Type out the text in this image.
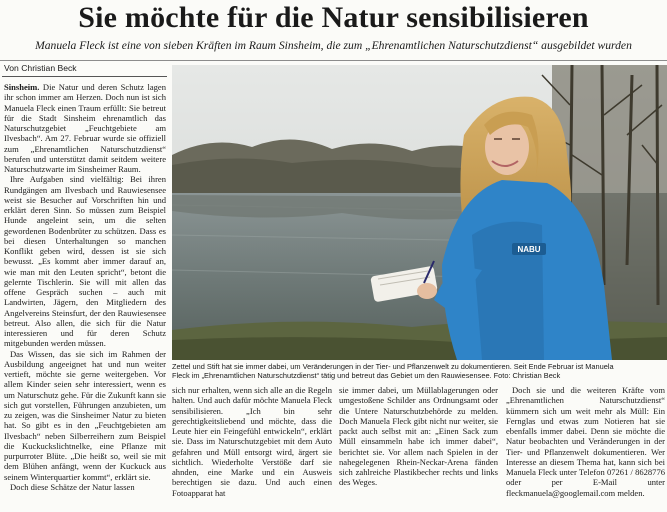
Sie möchte für die Natur sensibilisieren
Manuela Fleck ist eine von sieben Kräften im Raum Sinsheim, die zum „Ehrenamtlichen Naturschutzdienst“ ausgebildet wurden
Von Christian Beck

Sinsheim. Die Natur und deren Schutz lagen ihr schon immer am Herzen. Doch nun ist sich Manuela Fleck einen Traum erfüllt: Sie betreut für die Stadt Sinsheim ehrenamtlich das Naturschutzgebiet „Feuchtgebiete am Ilvesbach“. Am 27. Februar wurde sie offiziell zum „Ehrenamtlichen Naturschutzdienst“ berufen und unterstützt damit seitdem weitere Naturschutzwarte im Sinsheimer Raum.

Ihre Aufgaben sind vielfältig: Bei ihren Rundgängen am Ilvesbach und Rauwiesensee weist sie Besucher auf Vorschriften hin und erklärt deren Sinn. So müssen zum Beispiel Hunde angeleint sein, um die selten gewordenen Bodenbrüter zu schützen. Dass es bei diesen Unterhaltungen so manchen Konflikt geben wird, dessen ist sie sich bewusst. „Es kommt aber immer darauf an, wie man mit den Leuten spricht“, betont die gelernte Tischlerin. Sie will mit allen das offene Gespräch suchen – auch mit Landwirten, Jägern, den Mitgliedern des Angelvereins Steinsfurt, der den Rauwiesensee betreut. Also allen, die sich für die Natur interessieren und für deren Schutz mitgebunden werden müssen.

Das Wissen, das sie sich im Rahmen der Ausbildung angeeignet hat und nun weiter vertieft, möchte sie gerne weitergeben. Vor allem Kinder seien sehr interessiert, wenn es um Naturschutz gehe. Für die Zukunft kann sie sich gut vorstellen, Führungen anzubieten, um zu zeigen, was die Sinsheimer Natur zu bieten hat. So gibt es in den „Feuchtgebieten am Ilvesbach“ neben Silberreihern zum Beispiel die Kuckuckslichtnelke, eine Pflanze mit purpurroter Blüte. „Die heißt so, weil sie mit dem Blühen anfängt, wenn der Kuckuck aus seinem Winterquartier kommt“, erklärt sie.

Doch diese Schätze der Natur lassen

NABU
Zettel und Stift hat sie immer dabei, um Veränderungen in der Tier- und Pflanzenwelt zu dokumentieren. Seit Ende Februar ist Manuela
Fleck im „Ehrenamtlichen Naturschutzdienst“ tätig und betreut das Gebiet um den Rauwiesensee. Foto: Christian Beck

sich nur erhalten, wenn sich alle an die Regeln halten. Und auch dafür möchte Manuela Fleck sensibilisieren. „Ich bin sehr gerechtigkeitsliebend und möchte, dass die Leute hier ein Feingefühl entwickeln“, erklärt sie. Dass im Naturschutzgebiet mit dem Auto gefahren und Müll entsorgt wird, ärgert sie sichtlich. Wiederholte Verstöße darf sie ahnden, eine Marke und ein Ausweis berechtigen sie dazu. Und auch einen Fotoapparat hat

sie immer dabei, um Müllablagerungen oder umgestoßene Schilder ans Ordnungsamt oder die Untere Naturschutzbehörde zu melden. Doch Manuela Fleck gibt nicht nur weiter, sie packt auch selbst mit an: „Einen Sack zum Müll einsammeln habe ich immer dabei“, berichtet sie. Vor allem nach Spielen in der nahegelegenen Rhein-Neckar-Arena fänden sich zahlreiche Plastikbecher rechts und links des Weges.

Doch sie und die weiteren Kräfte vom „Ehrenamtlichen Naturschutzdienst“ kümmern sich um weit mehr als Müll: Ein Fernglas und etwas zum Notieren hat sie ebenfalls immer dabei. Denn sie möchte die Natur beobachten und Veränderungen in der Tier- und Pflanzenwelt dokumentieren. Wer Interesse an diesem Thema hat, kann sich bei Manuela Fleck unter Telefon 07261 / 8628776 oder per E-Mail unter fleckmanuela@googlemail.com melden.
